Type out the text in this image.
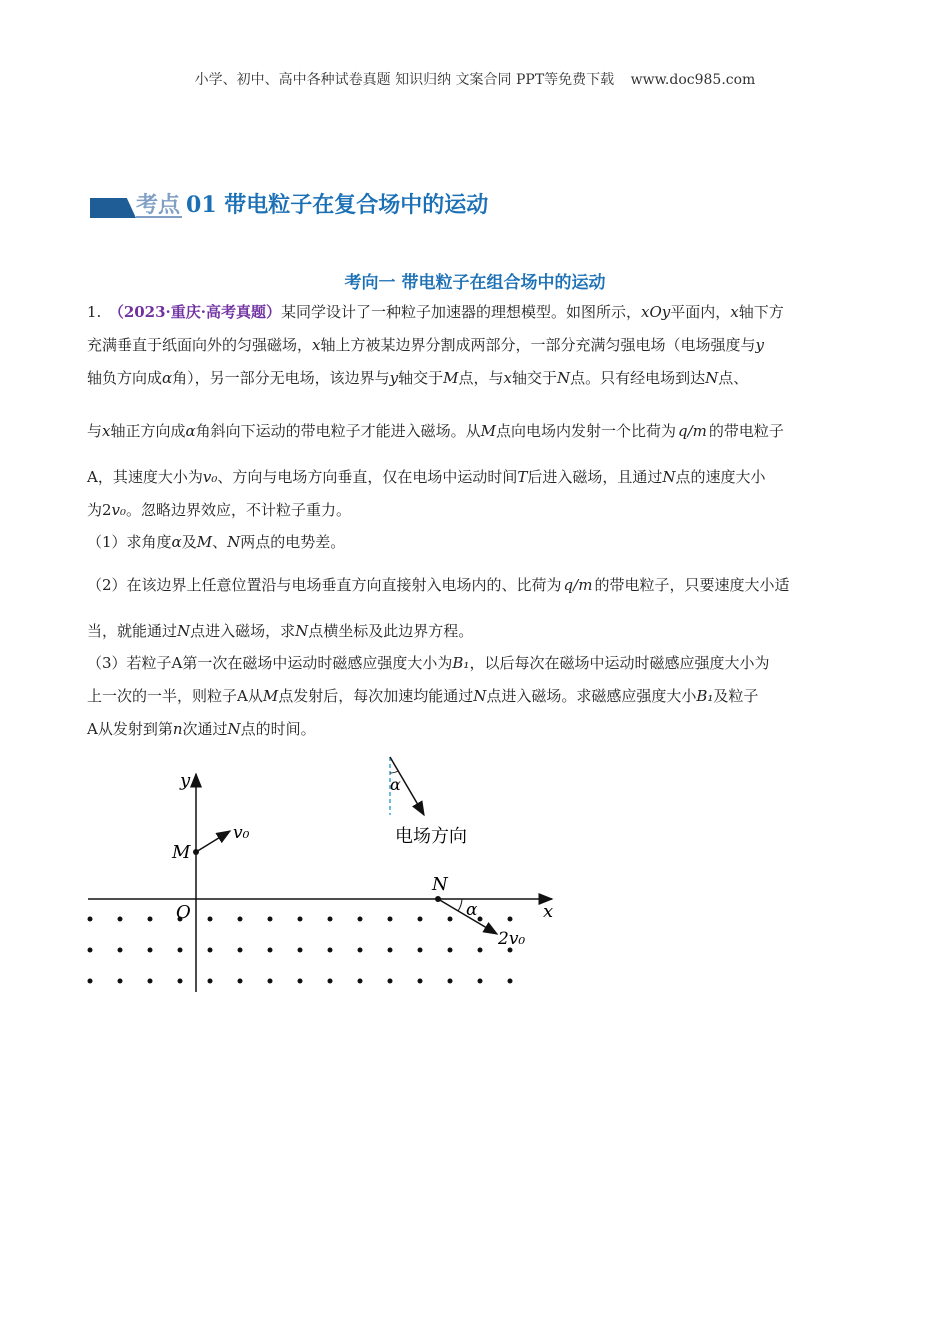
小学、初中、高中各种试卷真题 知识归纳 文案合同 PPT等免费下载 www.doc985.com
考点 01 带电粒子在复合场中的运动
考向一 带电粒子在组合场中的运动
1.　（2023·重庆·高考真题）某同学设计了一种粒子加速器的理想模型。如图所示，xOy平面内，x轴下方
充满垂直于纸面向外的匀强磁场，x轴上方被某边界分割成两部分，一部分充满匀强电场（电场强度与y
轴负方向成α角），另一部分无电场，该边界与y轴交于M点，与x轴交于N点。只有经电场到达N点、
与x轴正方向成α角斜向下运动的带电粒子才能进入磁场。从M点向电场内发射一个比荷为 q/m 的带电粒子
A，其速度大小为v₀、方向与电场方向垂直，仅在电场中运动时间T后进入磁场，且通过N点的速度大小
为2v₀。忽略边界效应，不计粒子重力。
（1）求角度α及M、N两点的电势差。
（2）在该边界上任意位置沿与电场垂直方向直接射入电场内的、比荷为 q/m 的带电粒子，只要速度大小适
当，就能通过N点进入磁场，求N点横坐标及此边界方程。
（3）若粒子A第一次在磁场中运动时磁感应强度大小为B₁，以后每次在磁场中运动时磁感应强度大小为
上一次的一半，则粒子A从M点发射后，每次加速均能通过N点进入磁场。求磁感应强度大小B₁及粒子
A从发射到第n次通过N点的时间。
y
x
O
M
N
v₀
2v₀
α
α
电场方向
